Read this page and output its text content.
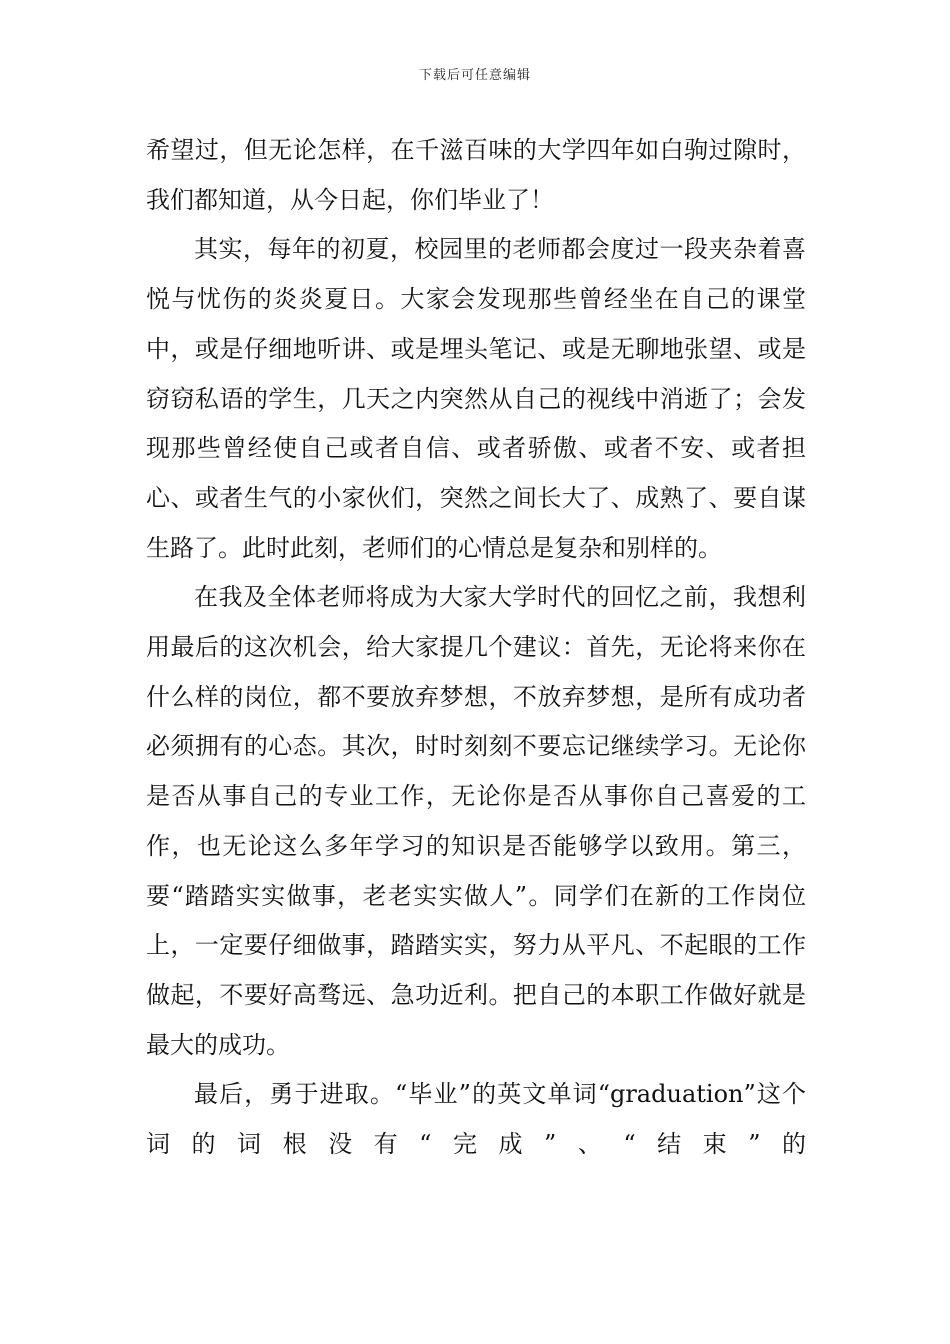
下载后可任意编辑

希望过，但无论怎样，在千滋百味的大学四年如白驹过隙时，我们都知道，从今日起，你们毕业了！

其实，每年的初夏，校园里的老师都会度过一段夹杂着喜悦与忧伤的炎炎夏日。大家会发现那些曾经坐在自己的课堂中，或是仔细地听讲、或是埋头笔记、或是无聊地张望、或是窃窃私语的学生，几天之内突然从自己的视线中消逝了；会发现那些曾经使自己或者自信、或者骄傲、或者不安、或者担心、或者生气的小家伙们，突然之间长大了、成熟了、要自谋生路了。此时此刻，老师们的心情总是复杂和别样的。

在我及全体老师将成为大家大学时代的回忆之前，我想利用最后的这次机会，给大家提几个建议：首先，无论将来你在什么样的岗位，都不要放弃梦想，不放弃梦想，是所有成功者必须拥有的心态。其次，时时刻刻不要忘记继续学习。无论你是否从事自己的专业工作，无论你是否从事你自己喜爱的工作，也无论这么多年学习的知识是否能够学以致用。第三，要“踏踏实实做事，老老实实做人”。同学们在新的工作岗位上，一定要仔细做事，踏踏实实，努力从平凡、不起眼的工作做起，不要好高骛远、急功近利。把自己的本职工作做好就是最大的成功。

最后，勇于进取。“毕业”的英文单词“graduation”这个词的词根没有“完成”、“结束”的
